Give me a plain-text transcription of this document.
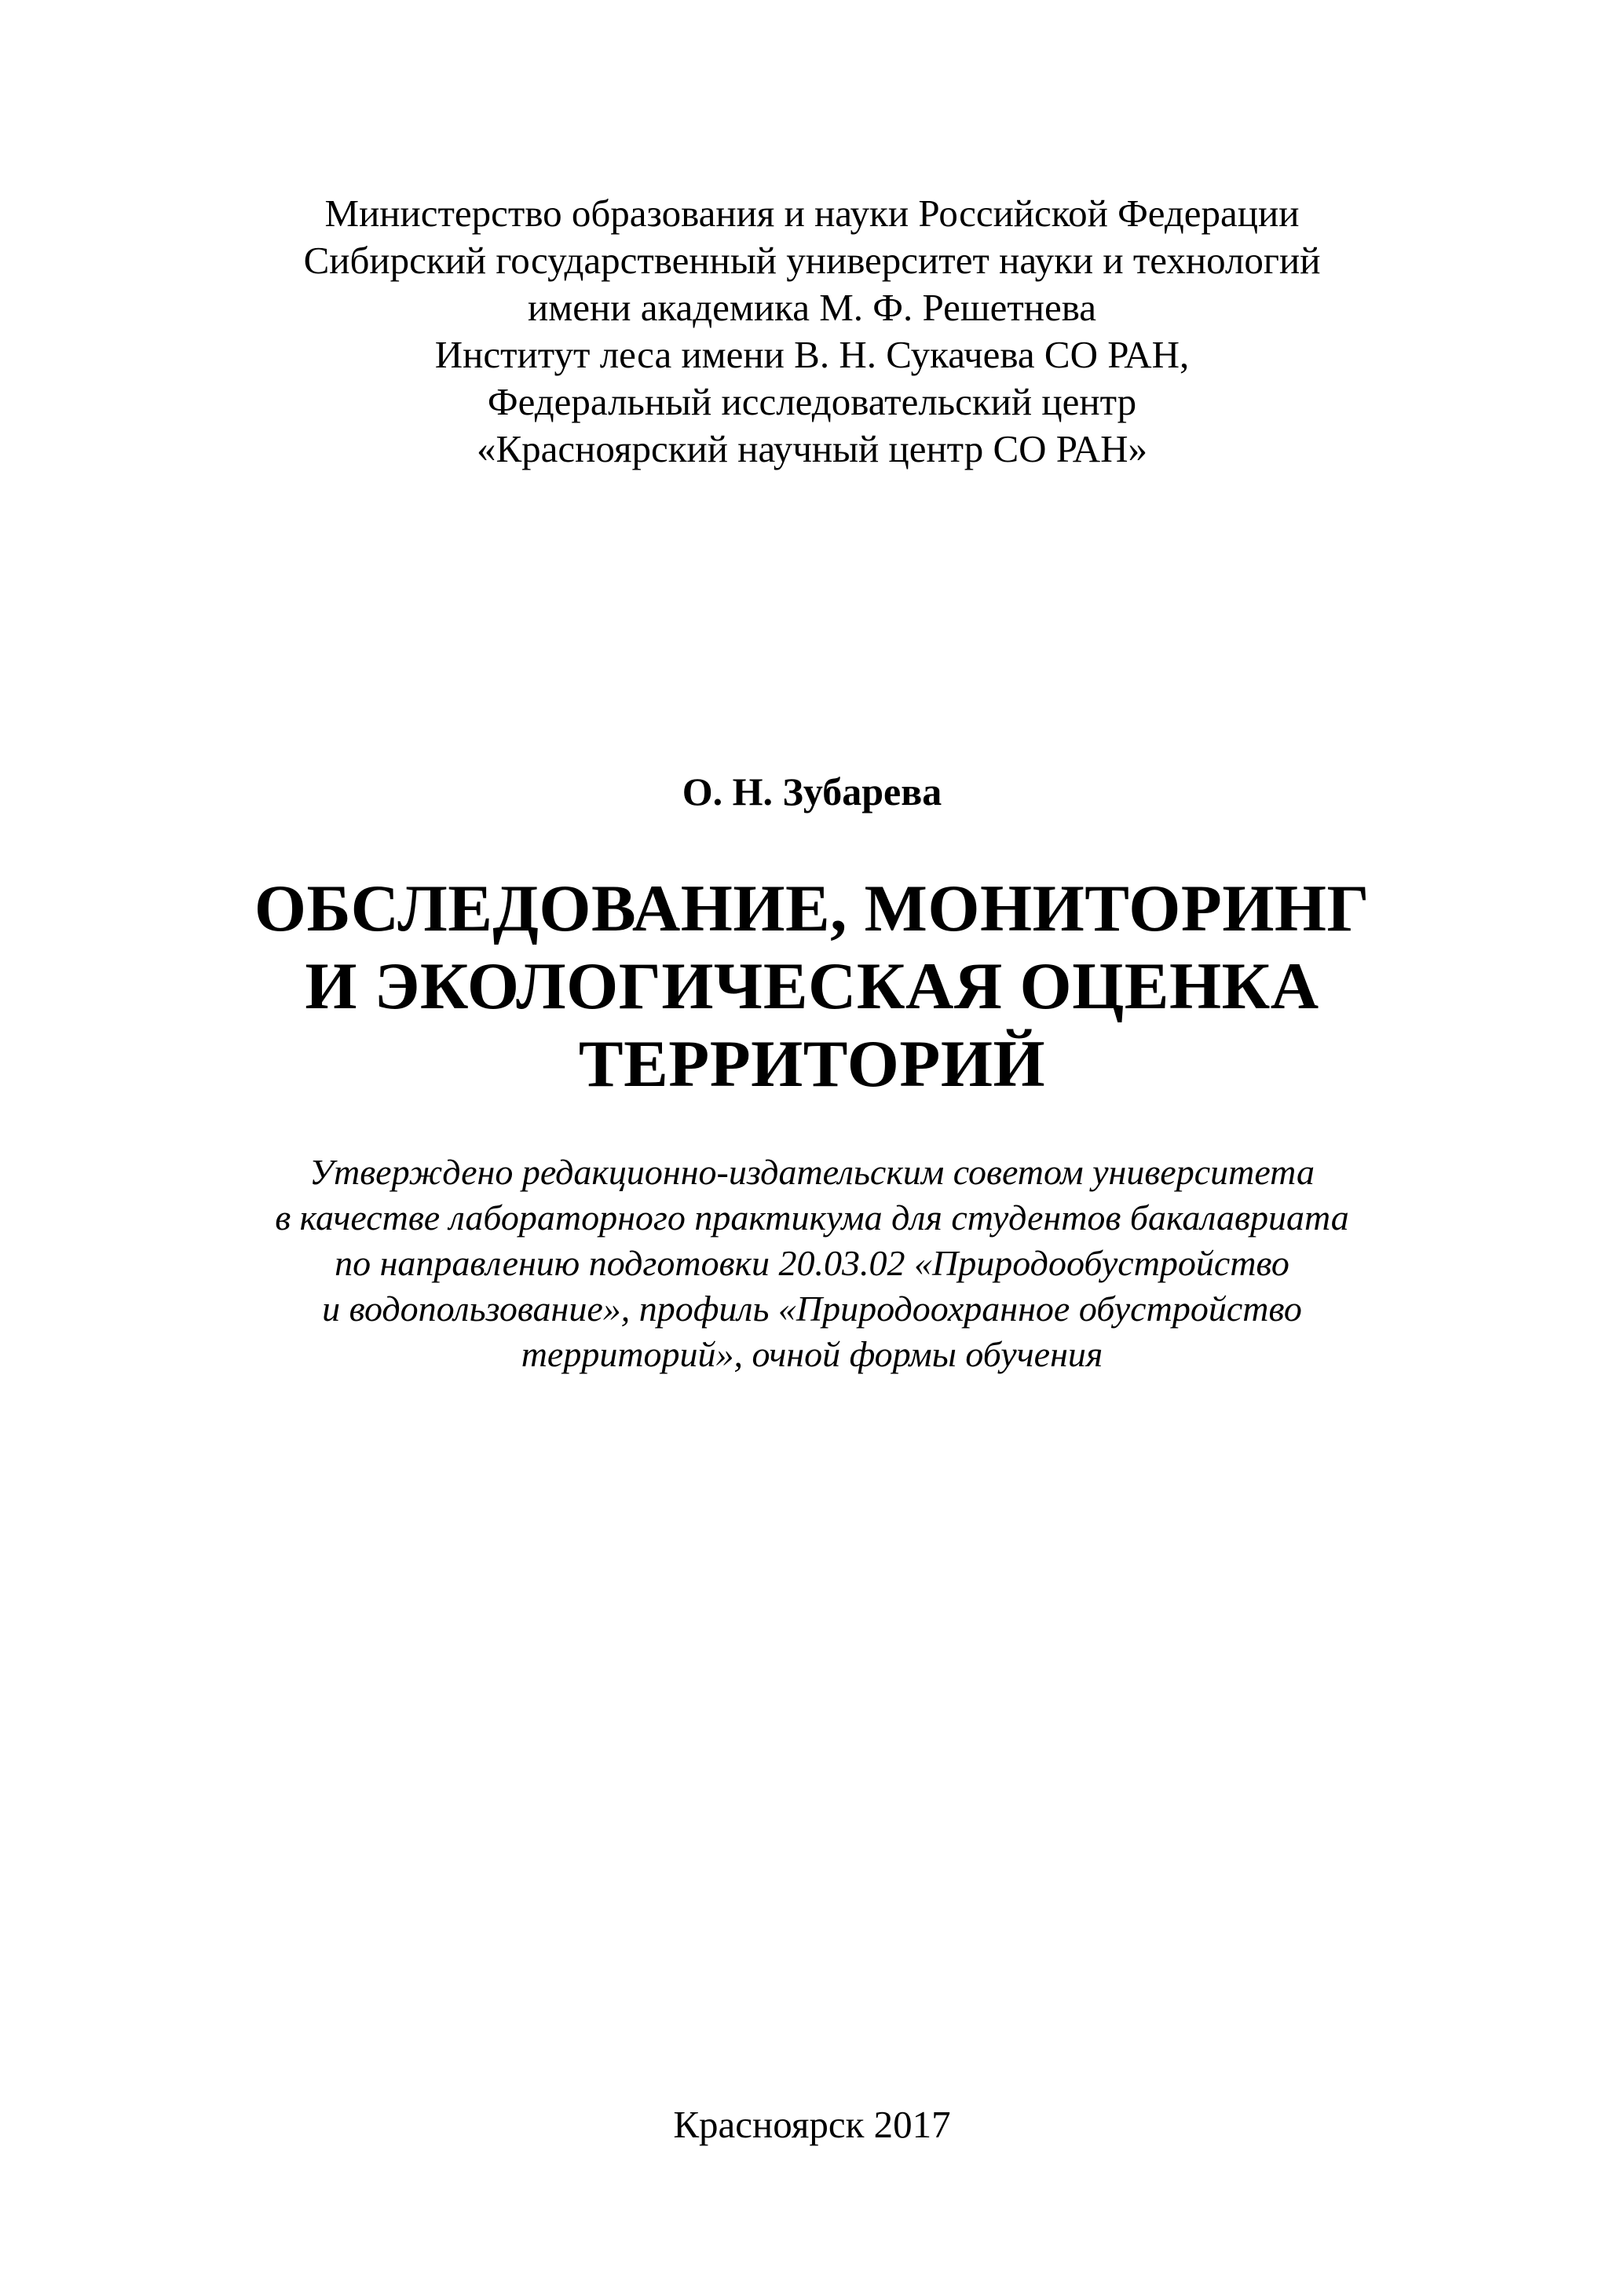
Министерство образования и науки Российской Федерации
Сибирский государственный университет науки и технологий
имени академика М. Ф. Решетнева
Институт леса имени В. Н. Сукачева СО РАН,
Федеральный исследовательский центр
«Красноярский научный центр СО РАН»
О. Н. Зубарева
ОБСЛЕДОВАНИЕ, МОНИТОРИНГ
И ЭКОЛОГИЧЕСКАЯ ОЦЕНКА
ТЕРРИТОРИЙ
Утверждено редакционно-издательским советом университета
в качестве лабораторного практикума для студентов бакалавриата
по направлению подготовки 20.03.02 «Природообустройство
и водопользование», профиль «Природоохранное обустройство
территорий», очной формы обучения
Красноярск 2017
